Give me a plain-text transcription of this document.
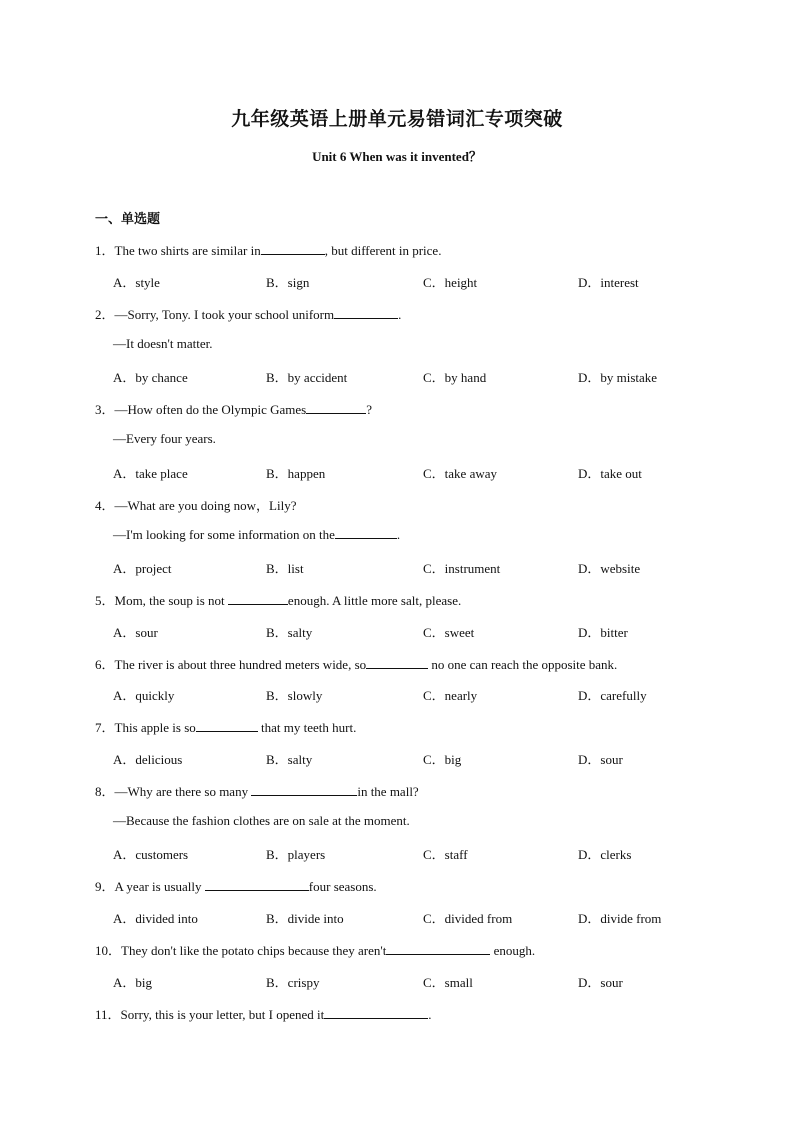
九年级英语上册单元易错词汇专项突破
Unit 6 When was it invented？
一、单选题
1．The two shirts are similar in	, but different in price.
A．style	B．sign	C．height	D．interest
2．—Sorry, Tony. I took your school uniform	.
—It doesn't matter.
A．by chance	B．by accident	C．by hand	D．by mistake
3．—How often do the Olympic Games	?
—Every four years.
A．take place	B．happen	C．take away	D．take out
4．—What are you doing now，Lily?
—I'm looking for some information on the	.
A．project	B．list	C．instrument	D．website
5．Mom, the soup is not	enough. A little more salt, please.
A．sour	B．salty	C．sweet	D．bitter
6．The river is about three hundred meters wide, so	no one can reach the opposite bank.
A．quickly	B．slowly	C．nearly	D．carefully
7．This apple is so	that my teeth hurt.
A．delicious	B．salty	C．big	D．sour
8．—Why are there so many	in the mall?
—Because the fashion clothes are on sale at the moment.
A．customers	B．players	C．staff	D．clerks
9．A year is usually	four seasons.
A．divided into	B．divide into	C．divided from	D．divide from
10．They don't like the potato chips because they aren't	enough.
A．big	B．crispy	C．small	D．sour
11．Sorry, this is your letter, but I opened it	.
